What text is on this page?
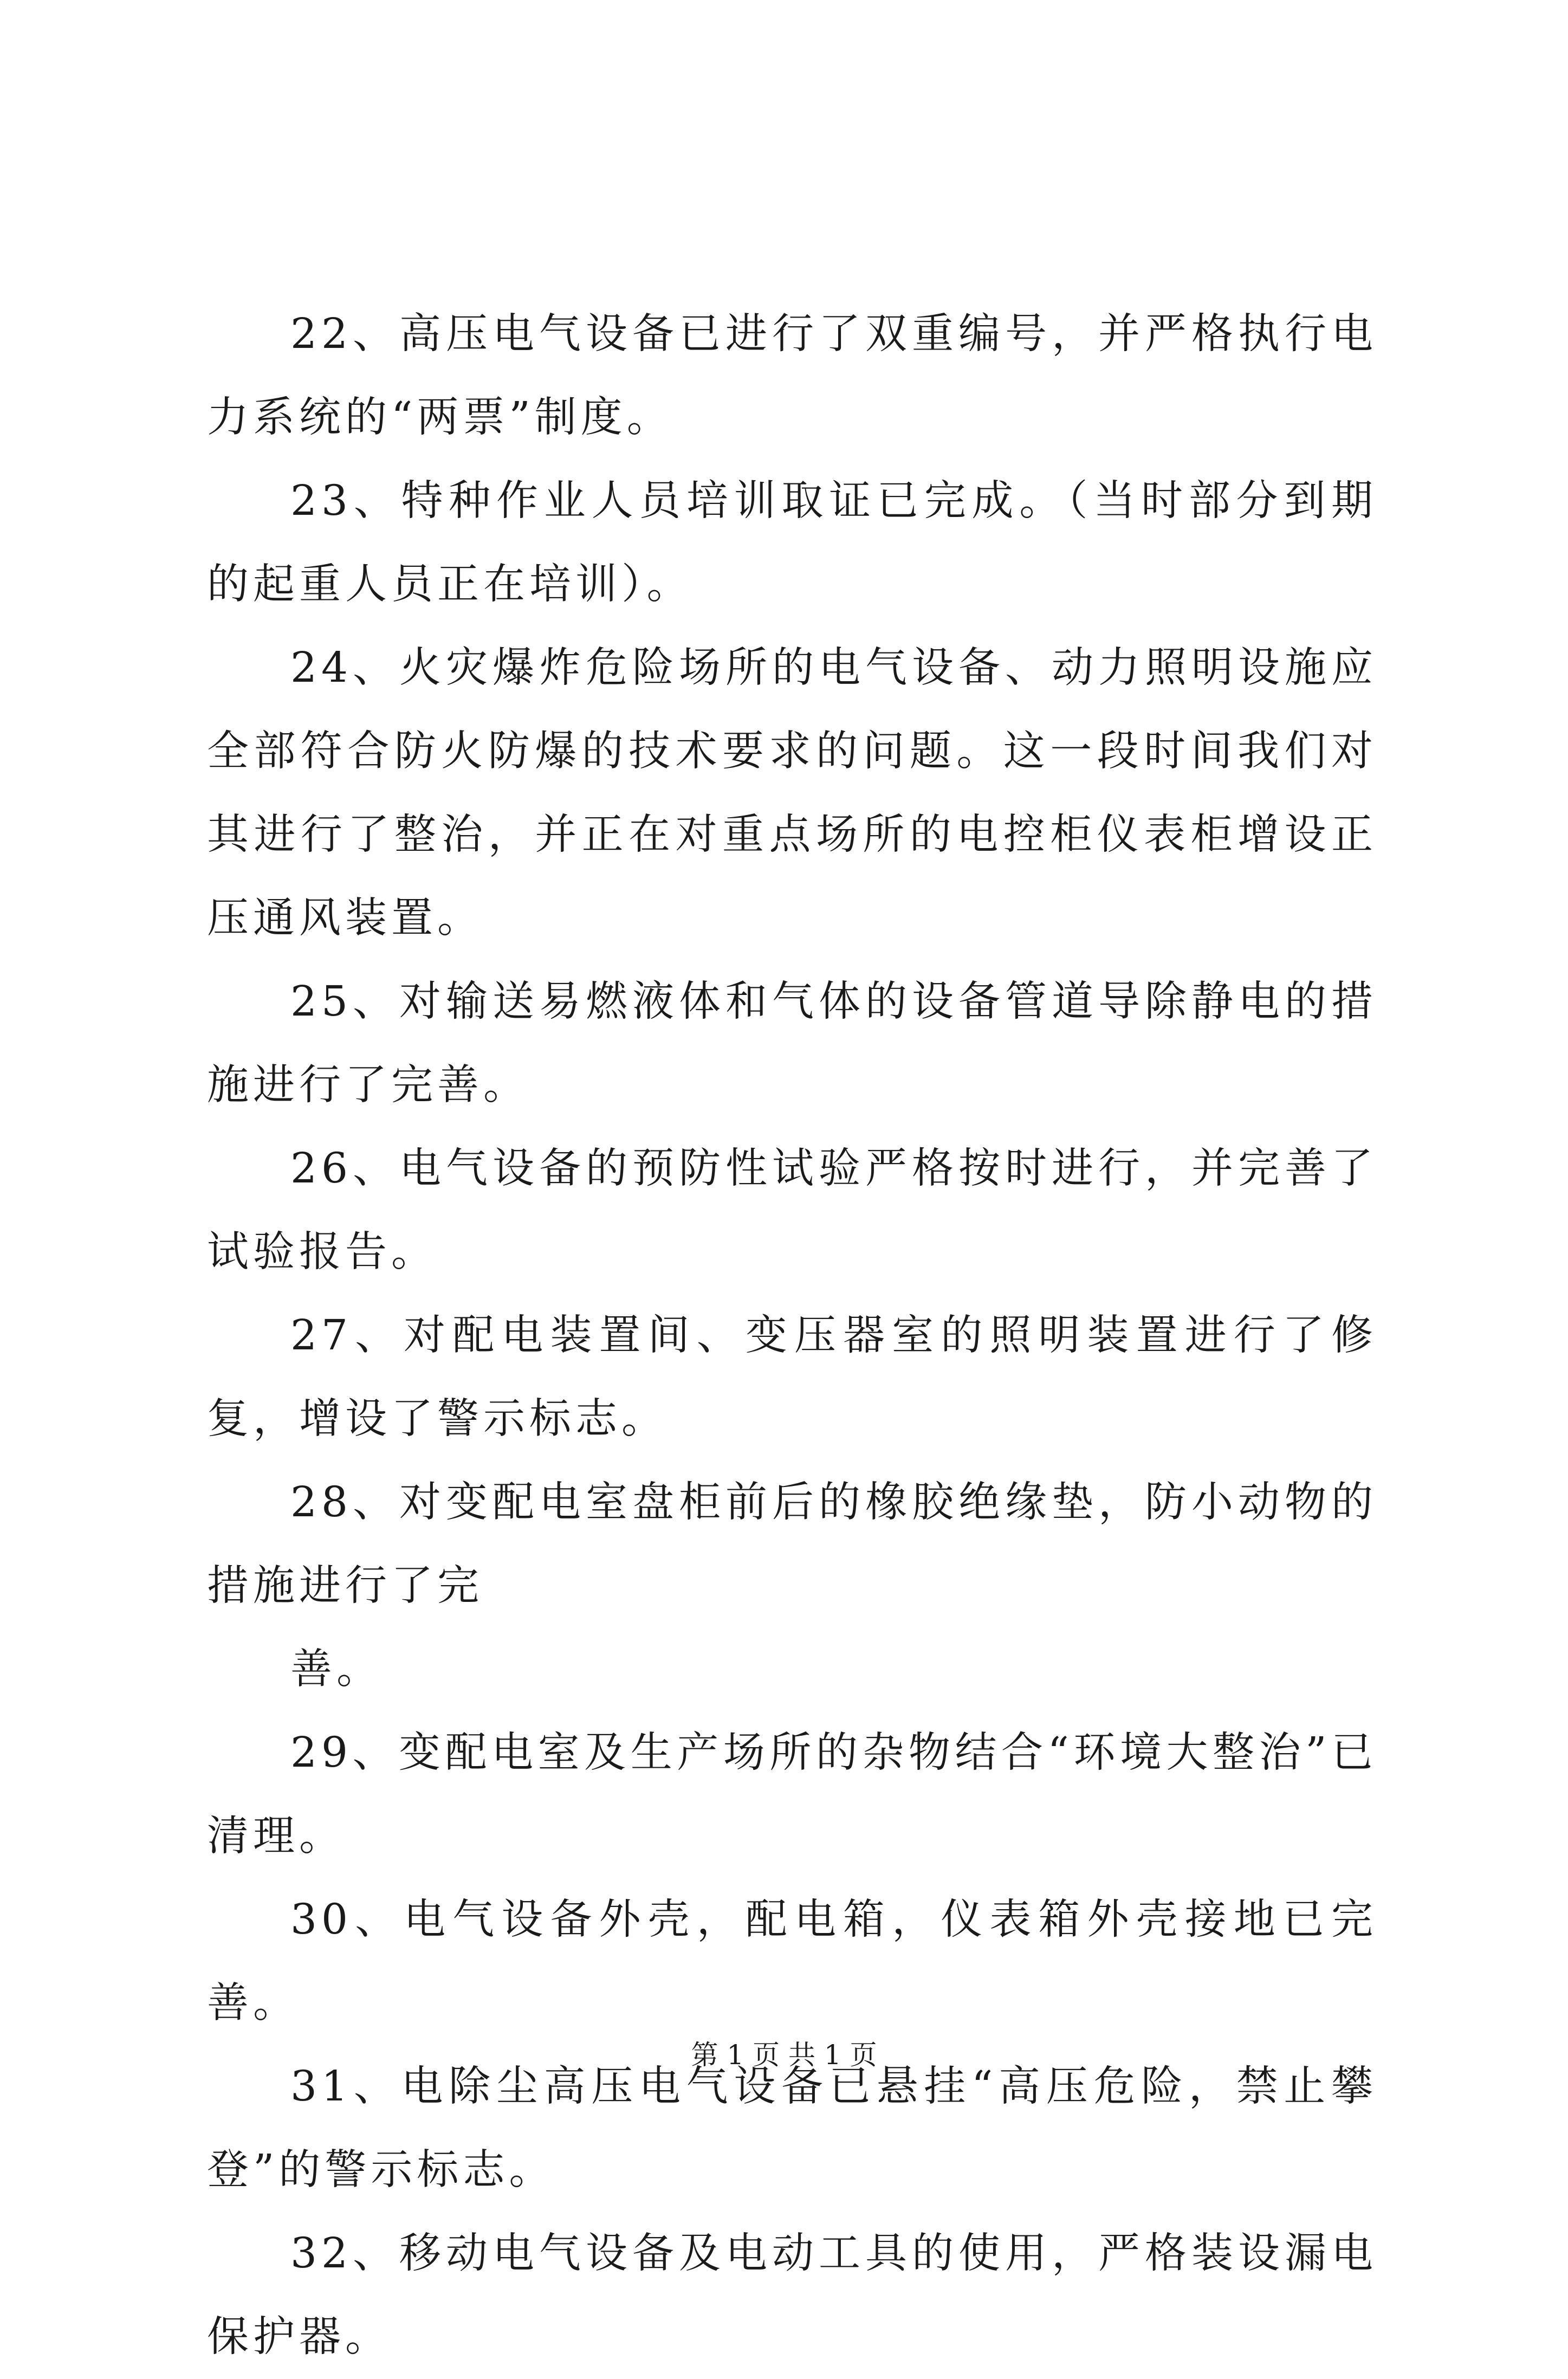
22、高压电气设备已进行了双重编号，并严格执行电力系统的“两票”制度。

23、特种作业人员培训取证已完成。（当时部分到期的起重人员正在培训）。

24、火灾爆炸危险场所的电气设备、动力照明设施应全部符合防火防爆的技术要求的问题。这一段时间我们对其进行了整治，并正在对重点场所的电控柜仪表柜增设正压通风装置。

25、对输送易燃液体和气体的设备管道导除静电的措施进行了完善。

26、电气设备的预防性试验严格按时进行，并完善了试验报告。

27、对配电装置间、变压器室的照明装置进行了修复，增设了警示标志。

28、对变配电室盘柜前后的橡胶绝缘垫，防小动物的措施进行了完

善。

29、变配电室及生产场所的杂物结合“环境大整治”已清理。

30、电气设备外壳，配电箱，仪表箱外壳接地已完善。

31、电除尘高压电气设备已悬挂“高压危险，禁止攀登”的警示标志。

32、移动电气设备及电动工具的使用，严格装设漏电保护器。

第 1 页 共 1 页
